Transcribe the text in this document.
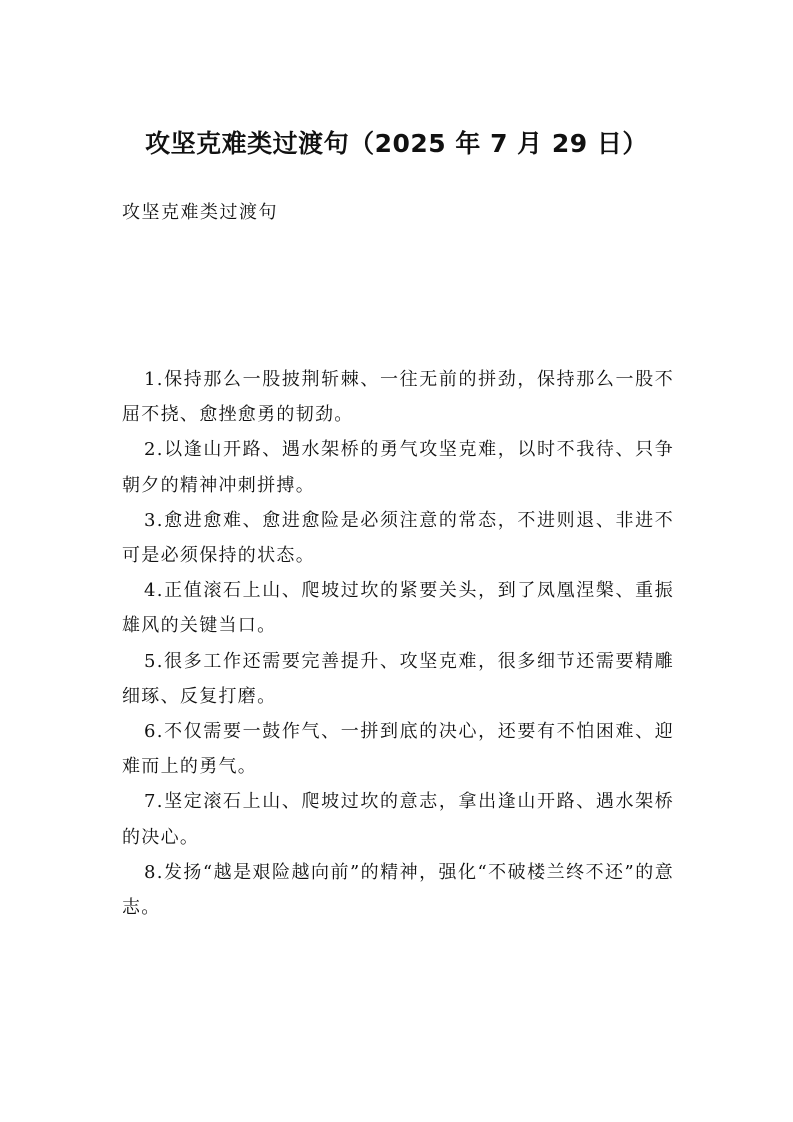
攻坚克难类过渡句（2025 年 7 月 29 日）

攻坚克难类过渡句

1.保持那么一股披荆斩棘、一往无前的拼劲，保持那么一股不屈不挠、愈挫愈勇的韧劲。

2.以逢山开路、遇水架桥的勇气攻坚克难，以时不我待、只争朝夕的精神冲刺拼搏。

3.愈进愈难、愈进愈险是必须注意的常态，不进则退、非进不可是必须保持的状态。

4.正值滚石上山、爬坡过坎的紧要关头，到了凤凰涅槃、重振雄风的关键当口。

5.很多工作还需要完善提升、攻坚克难，很多细节还需要精雕细琢、反复打磨。

6.不仅需要一鼓作气、一拼到底的决心，还要有不怕困难、迎难而上的勇气。

7.坚定滚石上山、爬坡过坎的意志，拿出逢山开路、遇水架桥的决心。

8.发扬“越是艰险越向前”的精神，强化“不破楼兰终不还”的意志。
